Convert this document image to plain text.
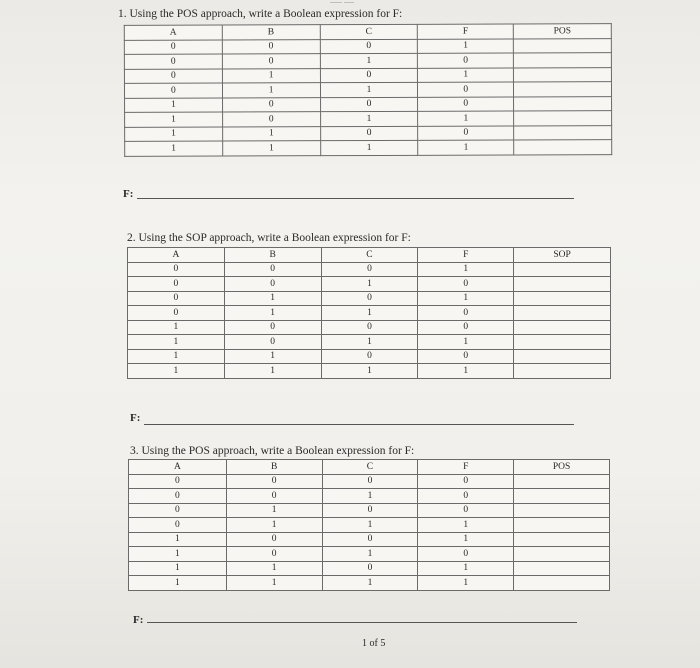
...... .....
1. Using the POS approach, write a Boolean expression for F:
A	B	C	F	POS
0	0	0	1	
0	0	1	0	
0	1	0	1	
0	1	1	0	
1	0	0	0	
1	0	1	1	
1	1	0	0	
1	1	1	1	
F:
2. Using the SOP approach, write a Boolean expression for F:
A	B	C	F	SOP
0	0	0	1	
0	0	1	0	
0	1	0	1	
0	1	1	0	
1	0	0	0	
1	0	1	1	
1	1	0	0	
1	1	1	1	
F:
3. Using the POS approach, write a Boolean expression for F:
A	B	C	F	POS
0	0	0	0	
0	0	1	0	
0	1	0	0	
0	1	1	1	
1	0	0	1	
1	0	1	0	
1	1	0	1	
1	1	1	1	
F:
1 of 5
